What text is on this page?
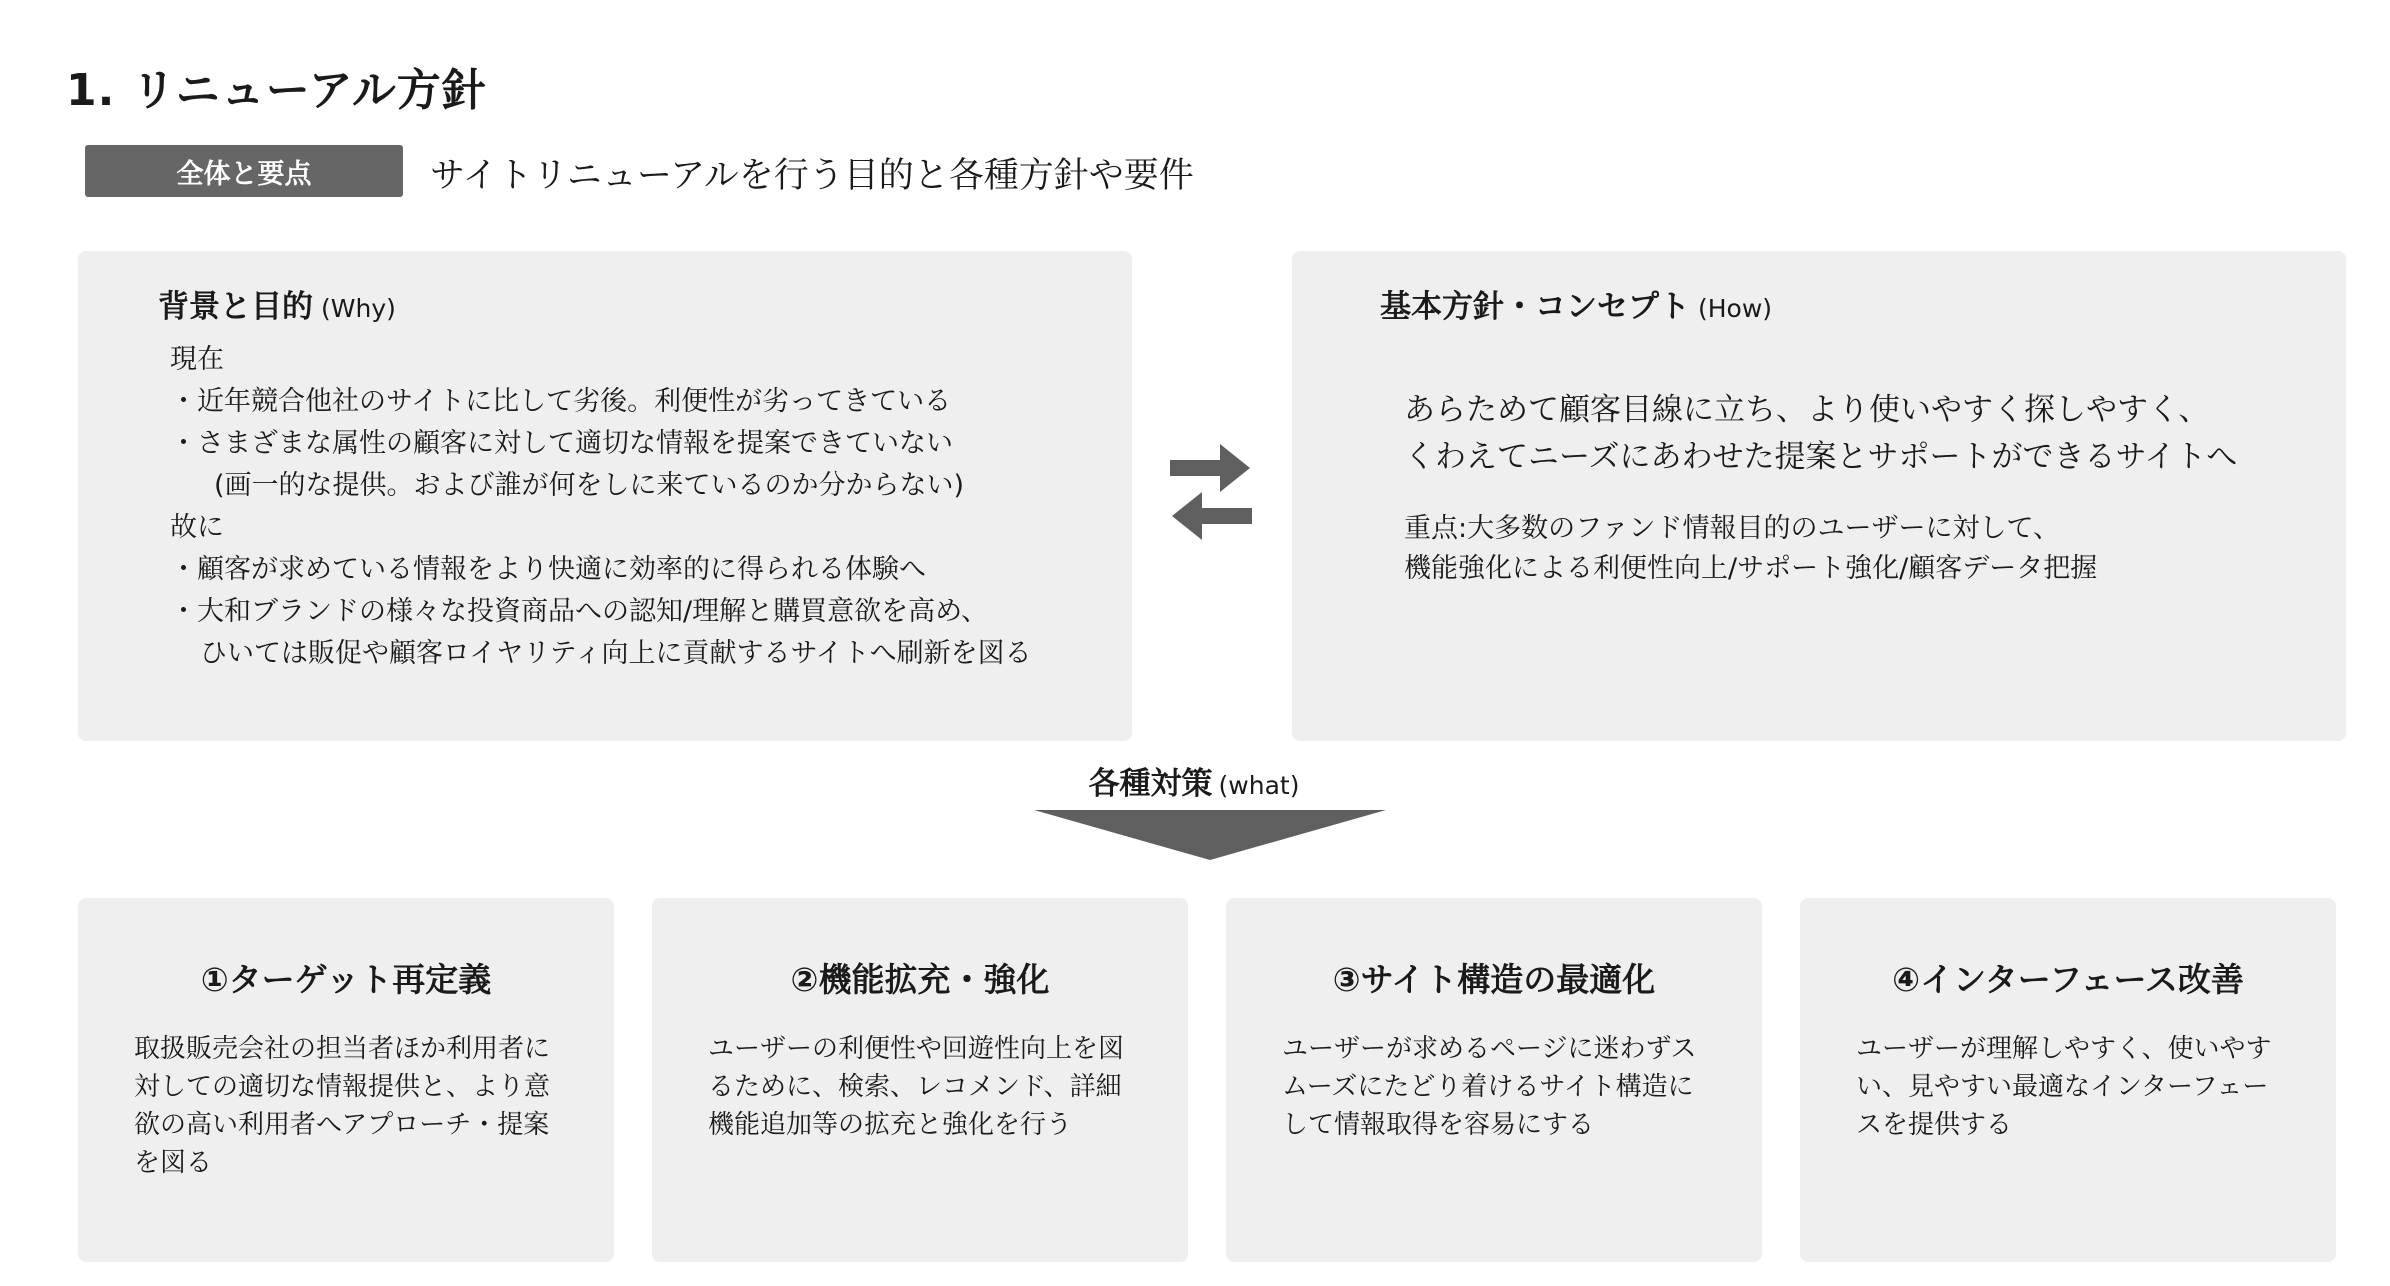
1. リニューアル方針
全体と要点	サイトリニューアルを行う目的と各種方針や要件
背景と目的 (Why)
現在
・近年競合他社のサイトに比して劣後。利便性が劣ってきている
・さまざまな属性の顧客に対して適切な情報を提案できていない
(画一的な提供。および誰が何をしに来ているのか分からない)
故に
・顧客が求めている情報をより快適に効率的に得られる体験へ
・大和ブランドの様々な投資商品への認知/理解と購買意欲を高め、
ひいては販促や顧客ロイヤリティ向上に貢献するサイトへ刷新を図る
基本方針・コンセプト (How)
あらためて顧客目線に立ち、より使いやすく探しやすく、
くわえてニーズにあわせた提案とサポートができるサイトへ
重点:大多数のファンド情報目的のユーザーに対して、
機能強化による利便性向上/サポート強化/顧客データ把握
各種対策 (what)
①ターゲット再定義
取扱販売会社の担当者ほか利用者に
対しての適切な情報提供と、より意
欲の高い利用者へアプローチ・提案
を図る
②機能拡充・強化
ユーザーの利便性や回遊性向上を図
るために、検索、レコメンド、詳細
機能追加等の拡充と強化を行う
③サイト構造の最適化
ユーザーが求めるページに迷わずス
ムーズにたどり着けるサイト構造に
して情報取得を容易にする
④インターフェース改善
ユーザーが理解しやすく、使いやす
い、見やすい最適なインターフェー
スを提供する
